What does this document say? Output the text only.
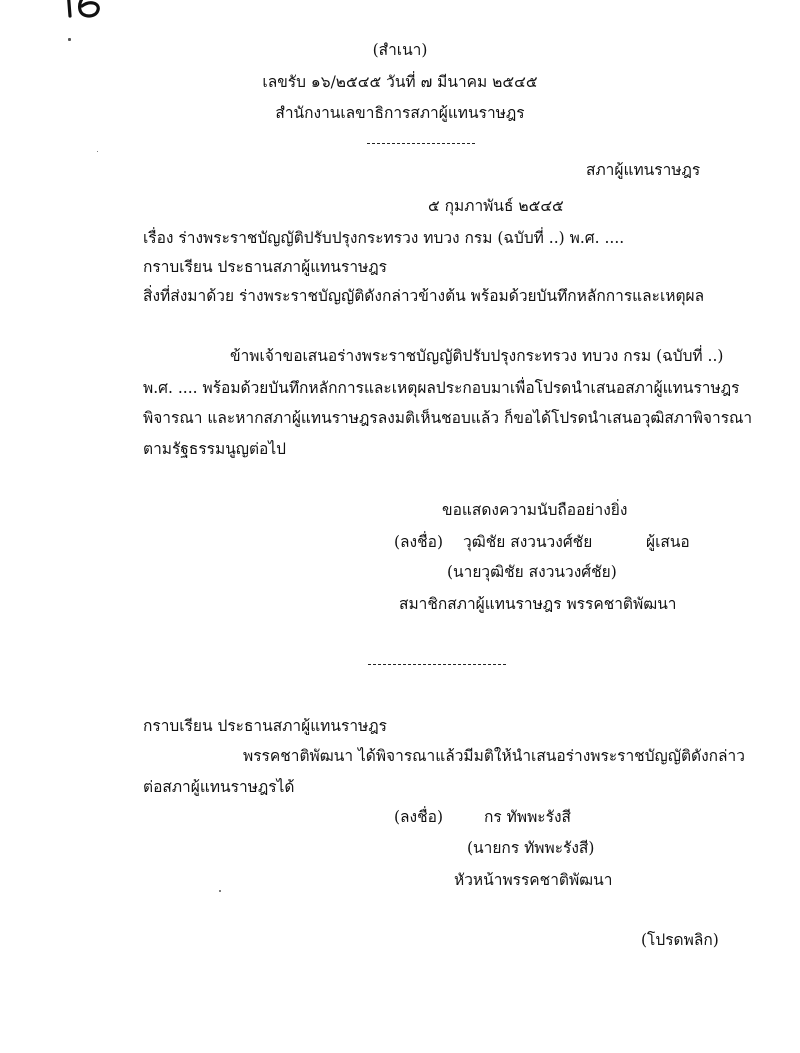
(สำเนา)
เลขรับ ๑๖/๒๕๔๕ วันที่ ๗ มีนาคม ๒๕๔๕
สำนักงานเลขาธิการสภาผู้แทนราษฎร
สภาผู้แทนราษฎร
๕ กุมภาพันธ์ ๒๕๔๕
เรื่อง ร่างพระราชบัญญัติปรับปรุงกระทรวง ทบวง กรม (ฉบับที่ ..) พ.ศ. ....
กราบเรียน ประธานสภาผู้แทนราษฎร
สิ่งที่ส่งมาด้วย ร่างพระราชบัญญัติดังกล่าวข้างต้น พร้อมด้วยบันทึกหลักการและเหตุผล
ข้าพเจ้าขอเสนอร่างพระราชบัญญัติปรับปรุงกระทรวง ทบวง กรม (ฉบับที่ ..)
พ.ศ. .... พร้อมด้วยบันทึกหลักการและเหตุผลประกอบมาเพื่อโปรดนำเสนอสภาผู้แทนราษฎร
พิจารณา และหากสภาผู้แทนราษฎรลงมติเห็นชอบแล้ว ก็ขอได้โปรดนำเสนอวุฒิสภาพิจารณา
ตามรัฐธรรมนูญต่อไป
ขอแสดงความนับถืออย่างยิ่ง
(ลงชื่อ) วุฒิชัย สงวนวงศ์ชัย	ผู้เสนอ
(นายวุฒิชัย สงวนวงศ์ชัย)
สมาชิกสภาผู้แทนราษฎร พรรคชาติพัฒนา
กราบเรียน ประธานสภาผู้แทนราษฎร
พรรคชาติพัฒนา ได้พิจารณาแล้วมีมติให้นำเสนอร่างพระราชบัญญัติดังกล่าว
ต่อสภาผู้แทนราษฎรได้
(ลงชื่อ)	กร ทัพพะรังสี
(นายกร ทัพพะรังสี)
หัวหน้าพรรคชาติพัฒนา
(โปรดพลิก)
